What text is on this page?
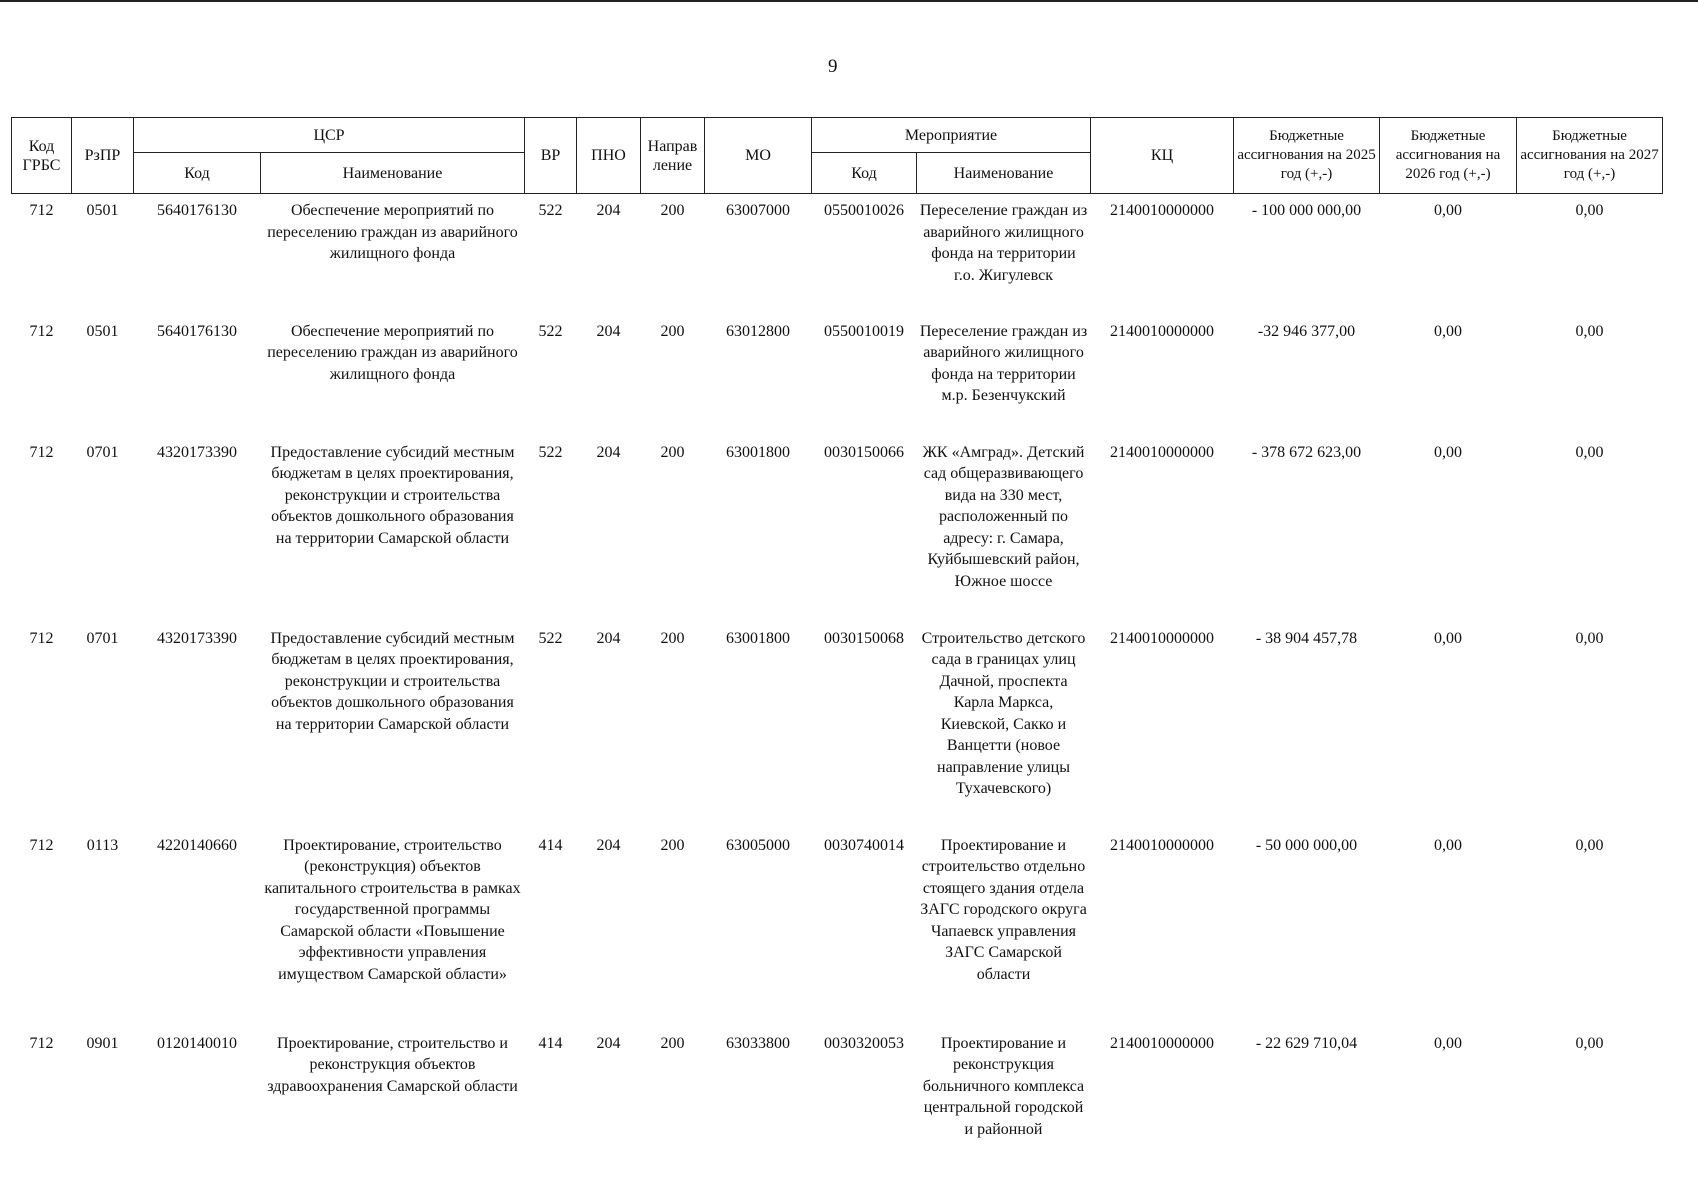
9
Код ГРБС	РзПР	ЦСР		ВР	ПНО	Направ ление	МО	Мероприятие		КЦ	Бюджетные ассигнования на 2025 год (+,-)	Бюджетные ассигнования на 2026 год (+,-)	Бюджетные ассигнования на 2027 год (+,-)
		Код	Наименование					Код	Наименование				
712	0501	5640176130	Обеспечение мероприятий по переселению граждан из аварийного жилищного фонда	522	204	200	63007000	0550010026	Переселение граждан из аварийного жилищного фонда на территории г.о. Жигулевск	2140010000000	- 100 000 000,00	0,00	0,00
712	0501	5640176130	Обеспечение мероприятий по переселению граждан из аварийного жилищного фонда	522	204	200	63012800	0550010019	Переселение граждан из аварийного жилищного фонда на территории м.р. Безенчукский	2140010000000	-32 946 377,00	0,00	0,00
712	0701	4320173390	Предоставление субсидий местным бюджетам в целях проектирования, реконструкции и строительства объектов дошкольного образования на территории Самарской области	522	204	200	63001800	0030150066	ЖК «Амград». Детский сад общеразвивающего вида на 330 мест, расположенный по адресу: г. Самара, Куйбышевский район, Южное шоссе	2140010000000	- 378 672 623,00	0,00	0,00
712	0701	4320173390	Предоставление субсидий местным бюджетам в целях проектирования, реконструкции и строительства объектов дошкольного образования на территории Самарской области	522	204	200	63001800	0030150068	Строительство детского сада в границах улиц Дачной, проспекта Карла Маркса, Киевской, Сакко и Ванцетти (новое направление улицы Тухачевского)	2140010000000	- 38 904 457,78	0,00	0,00
712	0113	4220140660	Проектирование, строительство (реконструкция) объектов капитального строительства в рамках государственной программы Самарской области «Повышение эффективности управления имуществом Самарской области»	414	204	200	63005000	0030740014	Проектирование и строительство отдельно стоящего здания отдела ЗАГС городского округа Чапаевск управления ЗАГС Самарской области	2140010000000	- 50 000 000,00	0,00	0,00
712	0901	0120140010	Проектирование, строительство и реконструкция объектов здравоохранения Самарской области	414	204	200	63033800	0030320053	Проектирование и реконструкция больничного комплекса центральной городской и районной	2140010000000	- 22 629 710,04	0,00	0,00
